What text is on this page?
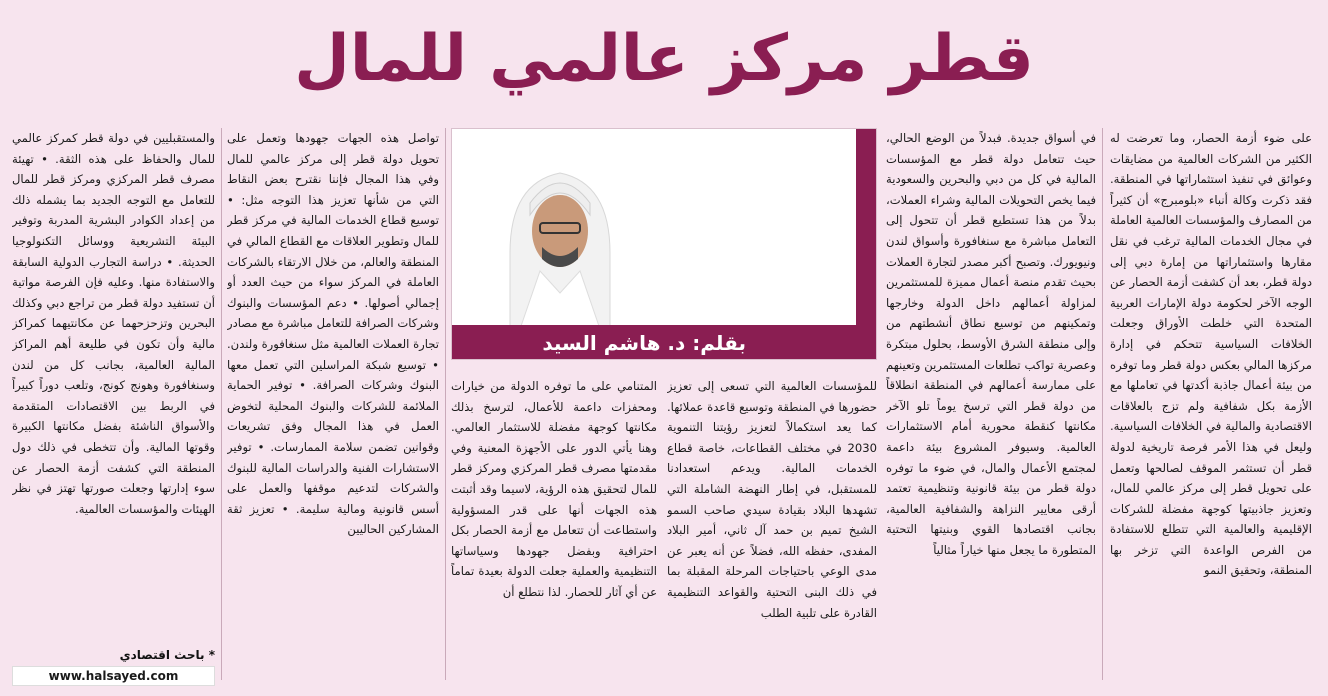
قطر مركز عالمي للمال

على ضوء أزمة الحصار، وما تعرضت له الكثير من الشركات العالمية من مضايقات وعوائق في تنفيذ استثماراتها في المنطقة. فقد ذكرت وكالة أنباء «بلومبرج» أن كثيراً من المصارف والمؤسسات العالمية العاملة في مجال الخدمات المالية ترغب في نقل مقارها واستثماراتها من إمارة دبي إلى دولة قطر، بعد أن كشفت أزمة الحصار عن الوجه الآخر لحكومة دولة الإمارات العربية المتحدة التي خلطت الأوراق وجعلت الخلافات السياسية تتحكم في إدارة مركزها المالي بعكس دولة قطر وما توفره من بيئة أعمال جاذبة أكدتها في تعاملها مع الأزمة بكل شفافية ولم تزج بالعلاقات الاقتصادية والمالية في الخلافات السياسية. وليعل في هذا الأمر فرصة تاريخية لدولة قطر أن تستثمر الموقف لصالحها وتعمل على تحويل قطر إلى مركز عالمي للمال، وتعزيز جاذبيتها كوجهة مفضلة للشركات الإقليمية والعالمية التي تتطلع للاستفادة من الفرص الواعدة التي تزخر بها المنطقة، وتحقيق النمو

في أسواق جديدة. فبدلاً من الوضع الحالي، حيث تتعامل دولة قطر مع المؤسسات المالية في كل من دبي والبحرين والسعودية فيما يخص التحويلات المالية وشراء العملات، بدلاً من هذا تستطيع قطر أن تتحول إلى التعامل مباشرة مع سنغافورة وأسواق لندن ونيويورك. وتصبح أكبر مصدر لتجارة العملات بحيث تقدم منصة أعمال مميزة للمستثمرين لمزاولة أعمالهم داخل الدولة وخارجها وتمكينهم من توسيع نطاق أنشطتهم من وإلى منطقة الشرق الأوسط، بحلول مبتكرة وعصرية تواكب تطلعات المستثمرين وتعينهم على ممارسة أعمالهم في المنطقة انطلاقاً من دولة قطر التي ترسخ يوماً تلو الآخر مكانتها كنقطة محورية أمام الاستثمارات العالمية. وسيوفر المشروع بيئة داعمة لمجتمع الأعمال والمال، في ضوء ما توفره دولة قطر من بيئة قانونية وتنظيمية تعتمد أرقى معايير النزاهة والشفافية العالمية، بجانب اقتصادها القوي وبنيتها التحتية المتطورة ما يجعل منها خياراً مثالياً

بقلم: د. هاشم السيد

للمؤسسات العالمية التي تسعى إلى تعزيز حضورها في المنطقة وتوسيع قاعدة عملائها. كما يعد استكمالاً لتعزيز رؤيتنا التنموية 2030 في مختلف القطاعات، خاصة قطاع الخدمات المالية. ويدعم استعدادنا للمستقبل، في إطار النهضة الشاملة التي تشهدها البلاد بقيادة سيدي صاحب السمو الشيخ تميم بن حمد آل ثاني، أمير البلاد المفدى، حفظه الله، فضلاً عن أنه يعبر عن مدى الوعي باحتياجات المرحلة المقبلة بما في ذلك البنى التحتية والقواعد التنظيمية القادرة على تلبية الطلب

المتنامي على ما توفره الدولة من خيارات ومحفزات داعمة للأعمال، لترسخ بذلك مكانتها كوجهة مفضلة للاستثمار العالمي. وهنا يأتي الدور على الأجهزة المعنية وفي مقدمتها مصرف قطر المركزي ومركز قطر للمال لتحقيق هذه الرؤية، لاسيما وقد أثبتت هذه الجهات أنها على قدر المسؤولية واستطاعت أن تتعامل مع أزمة الحصار بكل احترافية وبفضل جهودها وسياساتها التنظيمية والعملية جعلت الدولة بعيدة تماماً عن أي آثار للحصار. لذا نتطلع أن

تواصل هذه الجهات جهودها وتعمل على تحويل دولة قطر إلى مركز عالمي للمال وفي هذا المجال فإننا نقترح بعض النقاط التي من شأنها تعزيز هذا التوجه مثل: • توسيع قطاع الخدمات المالية في مركز قطر للمال وتطوير العلاقات مع القطاع المالي في المنطقة والعالم، من خلال الارتقاء بالشركات العاملة في المركز سواء من حيث العدد أو إجمالي أصولها. • دعم المؤسسات والبنوك وشركات الصرافة للتعامل مباشرة مع مصادر تجارة العملات العالمية مثل سنغافورة ولندن. • توسيع شبكة المراسلين التي تعمل معها البنوك وشركات الصرافة. • توفير الحماية الملائمة للشركات والبنوك المحلية لتخوض العمل في هذا المجال وفق تشريعات وقوانين تضمن سلامة الممارسات. • توفير الاستشارات الفنية والدراسات المالية للبنوك والشركات لتدعيم موقفها والعمل على أسس قانونية ومالية سليمة. • تعزيز ثقة المشاركين الحاليين

والمستقبليين في دولة قطر كمركز عالمي للمال والحفاظ على هذه الثقة. • تهيئة مصرف قطر المركزي ومركز قطر للمال للتعامل مع التوجه الجديد بما يشمله ذلك من إعداد الكوادر البشرية المدربة وتوفير البيئة التشريعية ووسائل التكنولوجيا الحديثة. • دراسة التجارب الدولية السابقة والاستفادة منها. وعليه فإن الفرصة مواتية أن تستفيد دولة قطر من تراجع دبي وكذلك البحرين وتزحزحهما عن مكانتيهما كمراكز مالية وأن تكون في طليعة أهم المراكز المالية العالمية، بجانب كل من لندن وسنغافورة وهونج كونج، وتلعب دوراً كبيراً في الربط بين الاقتصادات المتقدمة والأسواق الناشئة بفضل مكانتها الكبيرة وقوتها المالية. وأن تتخطى في ذلك دول المنطقة التي كشفت أزمة الحصار عن سوء إدارتها وجعلت صورتها تهتز في نظر الهيئات والمؤسسات العالمية.

* باحث اقتصادي
www.halsayed.com
